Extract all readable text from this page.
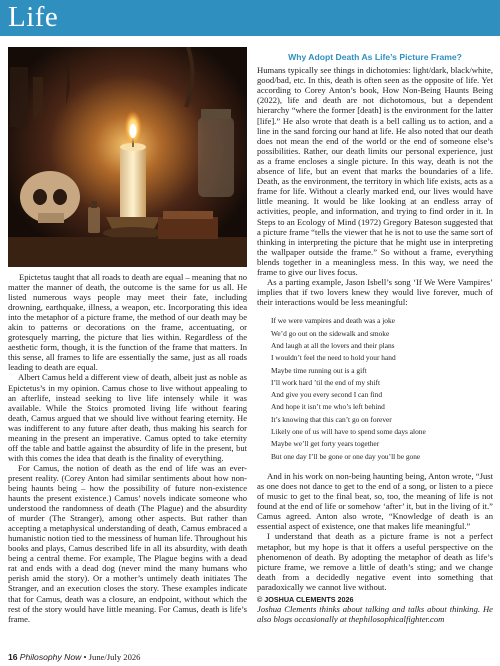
Life

Epictetus taught that all roads to death are equal – meaning that no matter the manner of death, the outcome is the same for us all. He listed numerous ways people may meet their fate, including drowning, earthquake, illness, a weapon, etc. Incorporating this idea into the metaphor of a picture frame, the method of our death may be akin to patterns or decorations on the frame, accentuating, or grotesquely marring, the picture that lies within. Regardless of the aesthetic form, though, it is the function of the frame that matters. In this sense, all frames to life are essentially the same, just as all roads leading to death are equal.

Albert Camus held a different view of death, albeit just as noble as Epictetus’s in my opinion. Camus chose to live without appealing to an afterlife, instead seeking to live life intensely while it was available. While the Stoics promoted living life without fearing death, Camus argued that we should live without fearing eternity. He was indifferent to any future after death, thus making his search for meaning in the present an imperative. Camus opted to take eternity off the table and battle against the absurdity of life in the present, but with this comes the idea that death is the finality of everything.

For Camus, the notion of death as the end of life was an ever-present reality. (Corey Anton had similar sentiments about how non-being haunts being – how the possibility of future non-existence haunts the present existence.) Camus’ novels indicate someone who understood the randomness of death (The Plague) and the absurdity of murder (The Stranger), among other aspects. But rather than accepting a metaphysical understanding of death, Camus embraced a humanistic notion tied to the messiness of human life. Throughout his books and plays, Camus described life in all its absurdity, with death being a central theme. For example, The Plague begins with a dead rat and ends with a dead dog (never mind the many humans who perish amid the story). Or a mother’s untimely death initiates The Stranger, and an execution closes the story. These examples indicate that for Camus, death was a closure, an endpoint, without which the rest of the story would have little meaning. For Camus, death is life’s frame.

Why Adopt Death As Life’s Picture Frame?

Humans typically see things in dichotomies: light/dark, black/white, good/bad, etc. In this, death is often seen as the opposite of life. Yet according to Corey Anton’s book, How Non-Being Haunts Being (2022), life and death are not dichotomous, but a dependent hierarchy “where the former [death] is the environment for the latter [life].” He also wrote that death is a bell calling us to action, and a line in the sand forcing our hand at life. He also noted that our death does not mean the end of the world or the end of someone else’s possibilities. Rather, our death limits our personal experience, just as a frame encloses a single picture. In this way, death is not the absence of life, but an event that marks the boundaries of a life. Death, as the environment, the territory in which life exists, acts as a frame for life. Without a clearly marked end, our lives would have little meaning. It would be like looking at an endless array of activities, people, and information, and trying to find order in it. In Steps to an Ecology of Mind (1972) Gregory Bateson suggested that a picture frame “tells the viewer that he is not to use the same sort of thinking in interpreting the picture that he might use in interpreting the wallpaper outside the frame.” So without a frame, everything blends together in a meaningless mess. In this way, we need the frame to give our lives focus.

As a parting example, Jason Isbell’s song ‘If We Were Vampires’ implies that if two lovers knew they would live forever, much of their interactions would be less meaningful:

If we were vampires and death was a joke
We’d go out on the sidewalk and smoke
And laugh at all the lovers and their plans
I wouldn’t feel the need to hold your hand
Maybe time running out is a gift
I’ll work hard ’til the end of my shift
And give you every second I can find
And hope it isn’t me who’s left behind
It’s knowing that this can’t go on forever
Likely one of us will have to spend some days alone
Maybe we’ll get forty years together
But one day I’ll be gone or one day you’ll be gone

And in his work on non-being haunting being, Anton wrote, “Just as one does not dance to get to the end of a song, or listen to a piece of music to get to the final beat, so, too, the meaning of life is not found at the end of life or somehow ‘after’ it, but in the living of it.” Camus agreed. Anton also wrote, “Knowledge of death is an essential aspect of existence, one that makes life meaningful.”

I understand that death as a picture frame is not a perfect metaphor, but my hope is that it offers a useful perspective on the phenomenon of death. By adopting the metaphor of death as life’s picture frame, we remove a little of death’s sting; and we change death from a decidedly negative event into something that paradoxically we cannot live without.

© JOSHUA CLEMENTS 2026

Joshua Clements thinks about talking and talks about thinking. He also blogs occasionally at thephilosophicalfighter.com

16 Philosophy Now • June/July 2026
